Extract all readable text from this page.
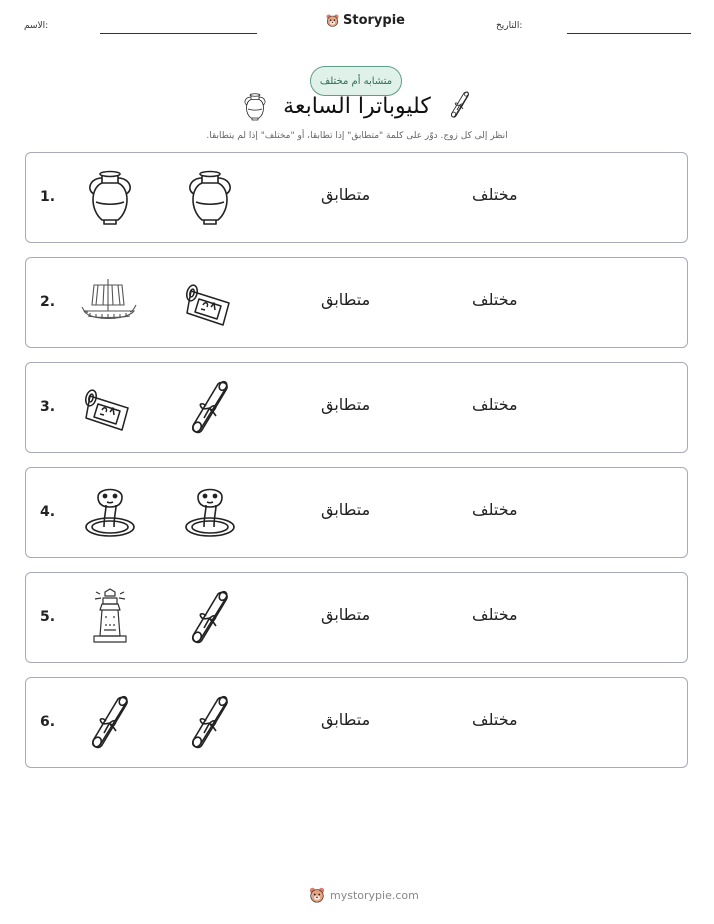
الاسم:	Storypie	التاريخ:
متشابه أم مختلف
كليوباترا السابعة
انظر إلى كل زوج. دوّر على كلمة "متطابق" إذا تطابقا، أو "مختلف" إذا لم يتطابقا.
1.	متطابق	مختلف
2.	متطابق	مختلف
3.	متطابق	مختلف
4.	متطابق	مختلف
5.	متطابق	مختلف
6.	متطابق	مختلف
mystorypie.com
